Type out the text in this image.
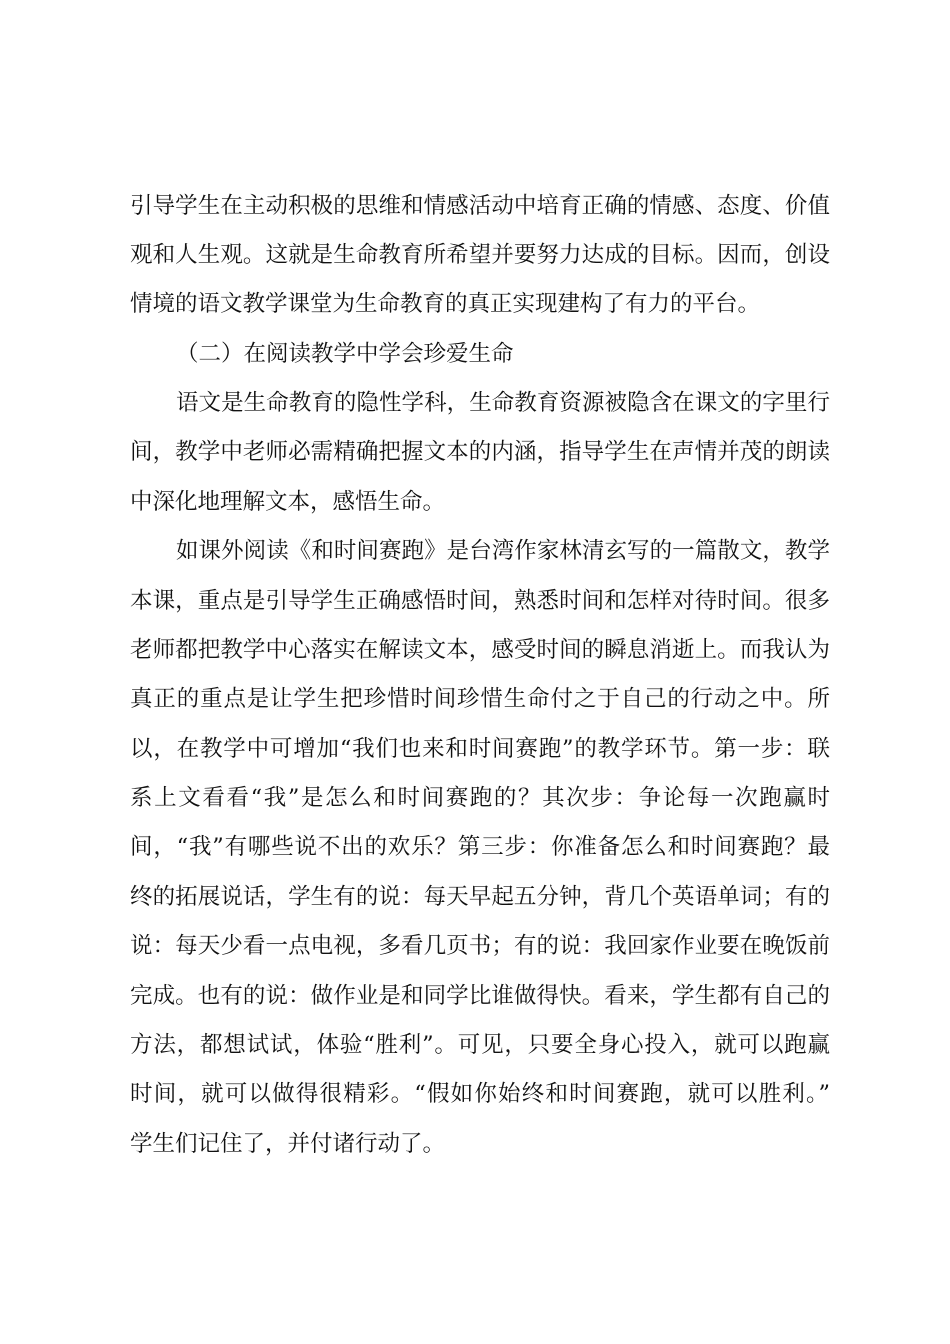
引导学生在主动积极的思维和情感活动中培育正确的情感、态度、价值
观和人生观。这就是生命教育所希望并要努力达成的目标。因而，创设
情境的语文教学课堂为生命教育的真正实现建构了有力的平台。
（二）在阅读教学中学会珍爱生命
语文是生命教育的隐性学科，生命教育资源被隐含在课文的字里行
间，教学中老师必需精确把握文本的内涵，指导学生在声情并茂的朗读
中深化地理解文本，感悟生命。
如课外阅读《和时间赛跑》是台湾作家林清玄写的一篇散文，教学
本课，重点是引导学生正确感悟时间，熟悉时间和怎样对待时间。很多
老师都把教学中心落实在解读文本，感受时间的瞬息消逝上。而我认为
真正的重点是让学生把珍惜时间珍惜生命付之于自己的行动之中。所
以，在教学中可增加“我们也来和时间赛跑”的教学环节。第一步：联
系上文看看“我”是怎么和时间赛跑的？其次步：争论每一次跑赢时
间，“我”有哪些说不出的欢乐？第三步：你准备怎么和时间赛跑？最
终的拓展说话，学生有的说：每天早起五分钟，背几个英语单词；有的
说：每天少看一点电视，多看几页书；有的说：我回家作业要在晚饭前
完成。也有的说：做作业是和同学比谁做得快。看来，学生都有自己的
方法，都想试试，体验“胜利”。可见，只要全身心投入，就可以跑赢
时间，就可以做得很精彩。“假如你始终和时间赛跑，就可以胜利。”
学生们记住了，并付诸行动了。
